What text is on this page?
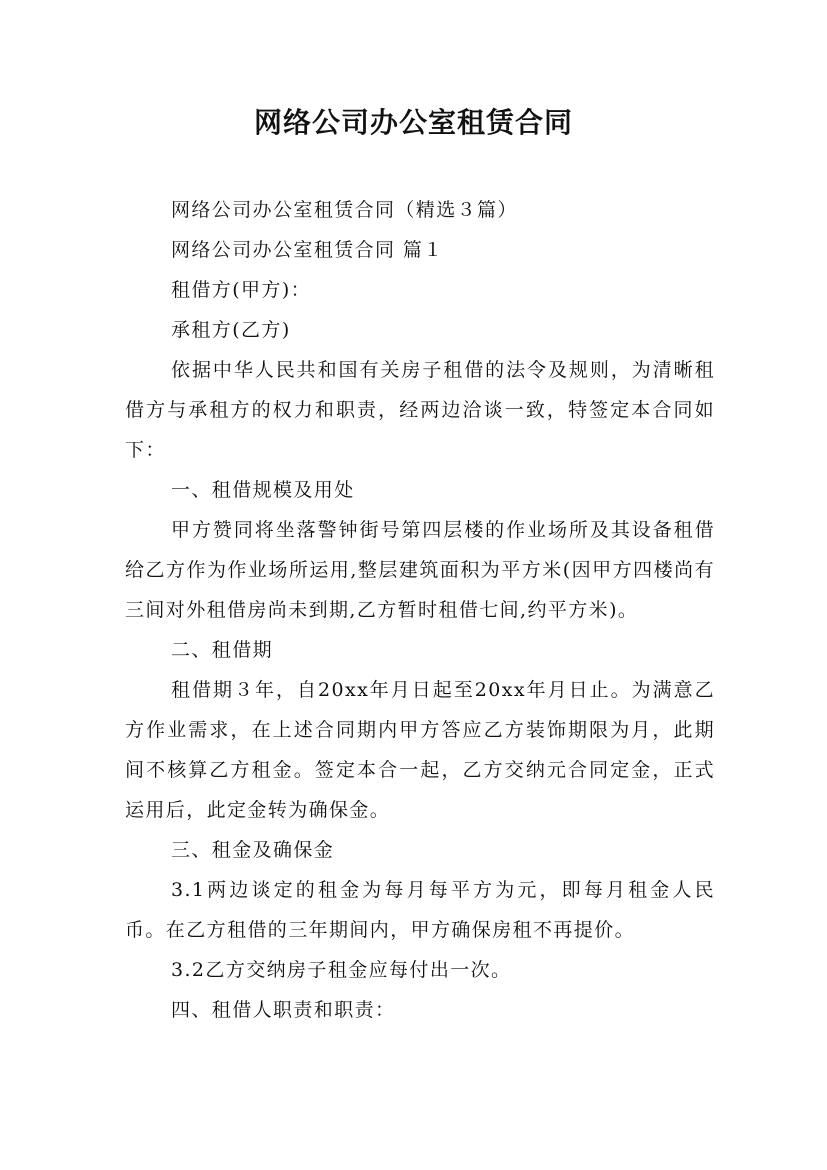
网络公司办公室租赁合同

网络公司办公室租赁合同（精选３篇）

网络公司办公室租赁合同 篇１

租借方(甲方)：

承租方(乙方)

依据中华人民共和国有关房子租借的法令及规则，为清晰租借方与承租方的权力和职责，经两边洽谈一致，特签定本合同如下：

一、租借规模及用处

甲方赞同将坐落警钟街号第四层楼的作业场所及其设备租借给乙方作为作业场所运用,整层建筑面积为平方米(因甲方四楼尚有三间对外租借房尚未到期,乙方暂时租借七间,约平方米)。

二、租借期

租借期３年，自20xx年月日起至20xx年月日止。为满意乙方作业需求，在上述合同期内甲方答应乙方装饰期限为月，此期间不核算乙方租金。签定本合一起，乙方交纳元合同定金，正式运用后，此定金转为确保金。

三、租金及确保金

3.1两边谈定的租金为每月每平方为元，即每月租金人民币。在乙方租借的三年期间内，甲方确保房租不再提价。

3.2乙方交纳房子租金应每付出一次。

四、租借人职责和职责：
